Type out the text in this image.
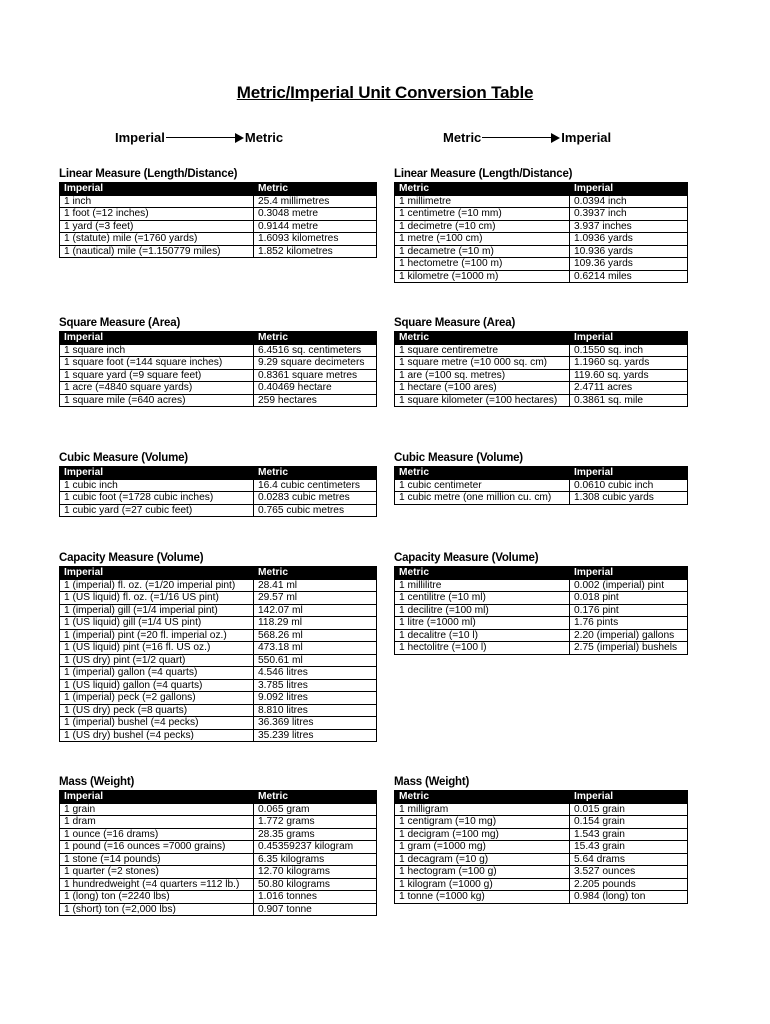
Metric/Imperial Unit Conversion Table
Imperial	Metric	Metric	Imperial
Linear Measure (Length/Distance)
Imperial	Metric
1 inch	25.4 millimetres
1 foot (=12 inches)	0.3048 metre
1 yard (=3 feet)	0.9144 metre
1 (statute) mile (=1760 yards)	1.6093 kilometres
1 (nautical) mile (=1.150779 miles)	1.852 kilometres
Square Measure (Area)
Imperial	Metric
1 square inch	6.4516 sq. centimeters
1 square foot (=144 square inches)	9.29 square decimeters
1 square yard (=9 square feet)	0.8361 square metres
1 acre (=4840 square yards)	0.40469 hectare
1 square mile (=640 acres)	259 hectares
Cubic Measure (Volume)
Imperial	Metric
1 cubic inch	16.4 cubic centimeters
1 cubic foot (=1728 cubic inches)	0.0283 cubic metres
1 cubic yard (=27 cubic feet)	0.765 cubic metres
Capacity Measure (Volume)
Imperial	Metric
1 (imperial) fl. oz. (=1/20 imperial pint)	28.41 ml
1 (US liquid) fl. oz. (=1/16 US pint)	29.57 ml
1 (imperial) gill (=1/4 imperial pint)	142.07 ml
1 (US liquid) gill (=1/4 US pint)	118.29 ml
1 (imperial) pint (=20 fl. imperial oz.)	568.26 ml
1 (US liquid) pint (=16 fl. US oz.)	473.18 ml
1 (US dry) pint (=1/2 quart)	550.61 ml
1 (imperial) gallon (=4 quarts)	4.546 litres
1 (US liquid) gallon (=4 quarts)	3.785 litres
1 (imperial) peck (=2 gallons)	9.092 litres
1 (US dry) peck (=8 quarts)	8.810 litres
1 (imperial) bushel (=4 pecks)	36.369 litres
1 (US dry) bushel (=4 pecks)	35.239 litres
Mass (Weight)
Imperial	Metric
1 grain	0.065 gram
1 dram	1.772 grams
1 ounce (=16 drams)	28.35 grams
1 pound (=16 ounces =7000 grains)	0.45359237 kilogram
1 stone (=14 pounds)	6.35 kilograms
1 quarter (=2 stones)	12.70 kilograms
1 hundredweight (=4 quarters =112 lb.)	50.80 kilograms
1 (long) ton (=2240 lbs)	1.016 tonnes
1 (short) ton (=2,000 lbs)	0.907 tonne
Linear Measure (Length/Distance)
Metric	Imperial
1 millimetre	0.0394 inch
1 centimetre (=10 mm)	0.3937 inch
1 decimetre (=10 cm)	3.937 inches
1 metre (=100 cm)	1.0936 yards
1 decametre (=10 m)	10.936 yards
1 hectometre (=100 m)	109.36 yards
1 kilometre (=1000 m)	0.6214 miles
Square Measure (Area)
Metric	Imperial
1 square centiremetre	0.1550 sq. inch
1 square metre (=10 000 sq. cm)	1.1960 sq. yards
1 are (=100 sq. metres)	119.60 sq. yards
1 hectare (=100 ares)	2.4711 acres
1 square kilometer (=100 hectares)	0.3861 sq. mile
Cubic Measure (Volume)
Metric	Imperial
1 cubic centimeter	0.0610 cubic inch
1 cubic metre (one million cu. cm)	1.308 cubic yards
Capacity Measure (Volume)
Metric	Imperial
1 millilitre	0.002 (imperial) pint
1 centilitre (=10 ml)	0.018 pint
1 decilitre (=100 ml)	0.176 pint
1 litre (=1000 ml)	1.76 pints
1 decalitre (=10 l)	2.20 (imperial) gallons
1 hectolitre (=100 l)	2.75 (imperial) bushels
Mass (Weight)
Metric	Imperial
1 milligram	0.015 grain
1 centigram (=10 mg)	0.154 grain
1 decigram (=100 mg)	1.543 grain
1 gram (=1000 mg)	15.43 grain
1 decagram (=10 g)	5.64 drams
1 hectogram (=100 g)	3.527 ounces
1 kilogram (=1000 g)	2.205 pounds
1 tonne (=1000 kg)	0.984 (long) ton
